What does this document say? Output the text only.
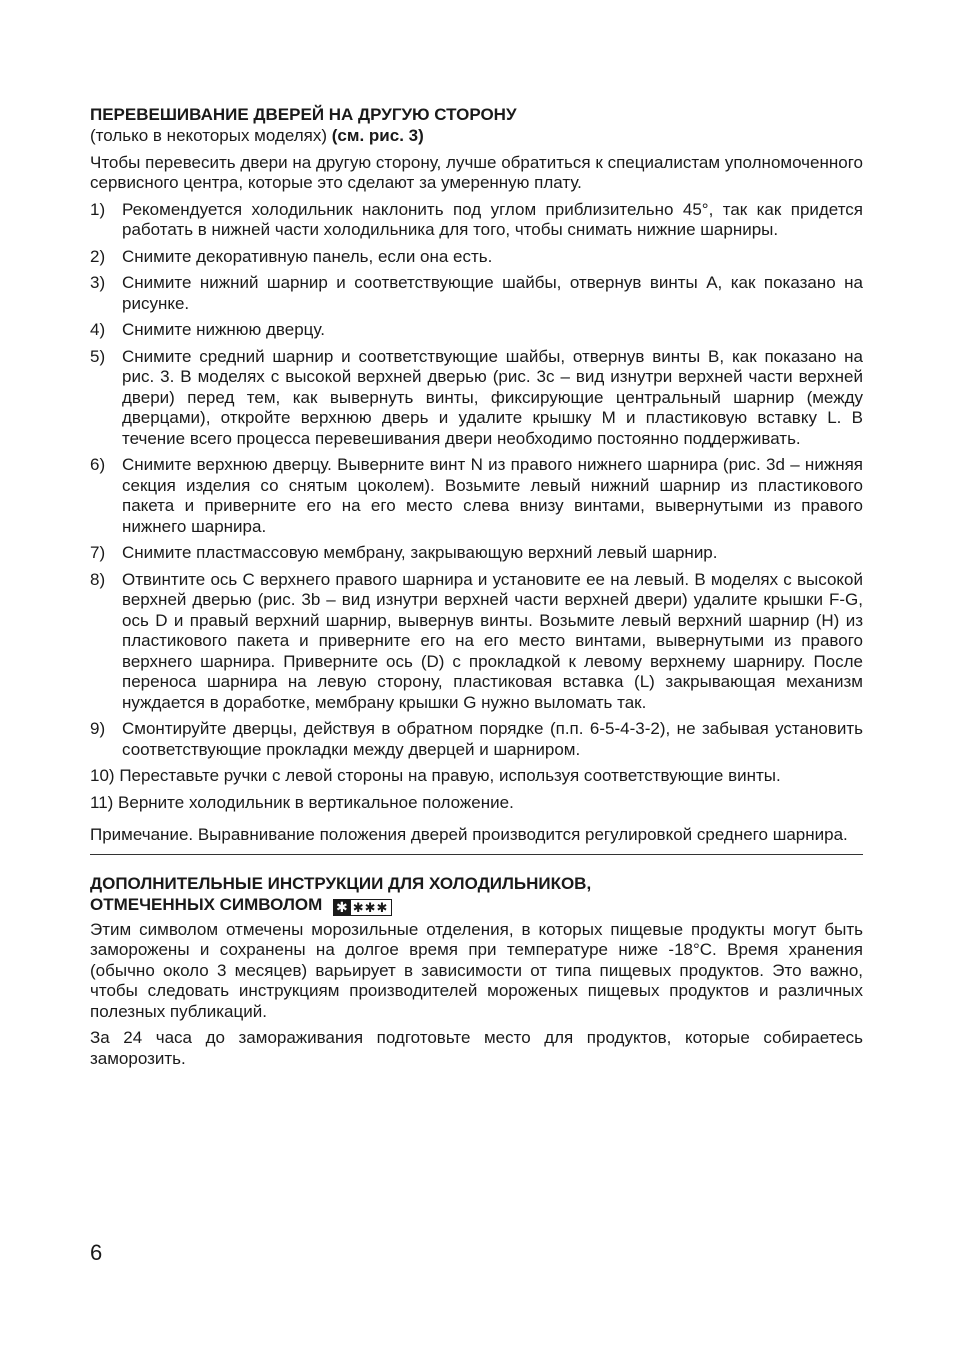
ПЕРЕВЕШИВАНИЕ ДВЕРЕЙ НА ДРУГУЮ СТОРОНУ
(только в некоторых моделях) (см. рис. 3)

Чтобы перевесить двери на другую сторону, лучше обратиться к специалистам уполномоченного сервисного центра, которые это сделают за умеренную плату.

1) Рекомендуется холодильник наклонить под углом приблизительно 45°, так как придется работать в нижней части холодильника для того, чтобы снимать нижние шарниры.
2) Снимите декоративную панель, если она есть.
3) Снимите нижний шарнир и соответствующие шайбы, отвернув винты A, как показано на рисунке.
4) Снимите нижнюю дверцу.
5) Снимите средний шарнир и соответствующие шайбы, отвернув винты B, как показано на рис. 3. В моделях с высокой верхней дверью (рис. 3c – вид изнутри верхней части верхней двери) перед тем, как вывернуть винты, фиксирующие центральный шарнир (между дверцами), откройте верхнюю дверь и удалите крышку M и пластиковую вставку L. В течение всего процесса перевешивания двери необходимо постоянно поддерживать.
6) Снимите верхнюю дверцу. Выверните винт N из правого нижнего шарнира (рис. 3d – нижняя секция изделия со снятым цоколем). Возьмите левый нижний шарнир из пластикового пакета и приверните его на его место слева внизу винтами, вывернутыми из правого нижнего шарнира.
7) Снимите пластмассовую мембрану, закрывающую верхний левый шарнир.
8) Отвинтите ось C верхнего правого шарнира и установите ее на левый. В моделях с высокой верхней дверью (рис. 3b – вид изнутри верхней части верхней двери) удалите крышки F-G, ось D и правый верхний шарнир, вывернув винты. Возьмите левый верхний шарнир (H) из пластикового пакета и приверните его на его место винтами, вывернутыми из правого верхнего шарнира. Приверните ось (D) с прокладкой к левому верхнему шарниру. После переноса шарнира на левую сторону, пластиковая вставка (L) закрывающая механизм нуждается в доработке, мембрану крышки G нужно выломать так.
9) Смонтируйте дверцы, действуя в обратном порядке (п.п. 6-5-4-3-2), не забывая установить соответствующие прокладки между дверцей и шарниром.
10) Переставьте ручки с левой стороны на правую, используя соответствующие винты.
11) Верните холодильник в вертикальное положение.

Примечание. Выравнивание положения дверей производится регулировкой среднего шарнира.

ДОПОЛНИТЕЛЬНЫЕ ИНСТРУКЦИИ ДЛЯ ХОЛОДИЛЬНИКОВ,
ОТМЕЧЕННЫХ СИМВОЛОМ ✱ ✱✱✱

Этим символом отмечены морозильные отделения, в которых пищевые продукты могут быть заморожены и сохранены на долгое время при температуре ниже -18°C. Время хранения (обычно около 3 месяцев) варьирует в зависимости от типа пищевых продуктов. Это важно, чтобы следовать инструкциям производителей мороженых пищевых продуктов и различных полезных публикаций.

За 24 часа до замораживания подготовьте место для продуктов, которые собираетесь заморозить.

6
